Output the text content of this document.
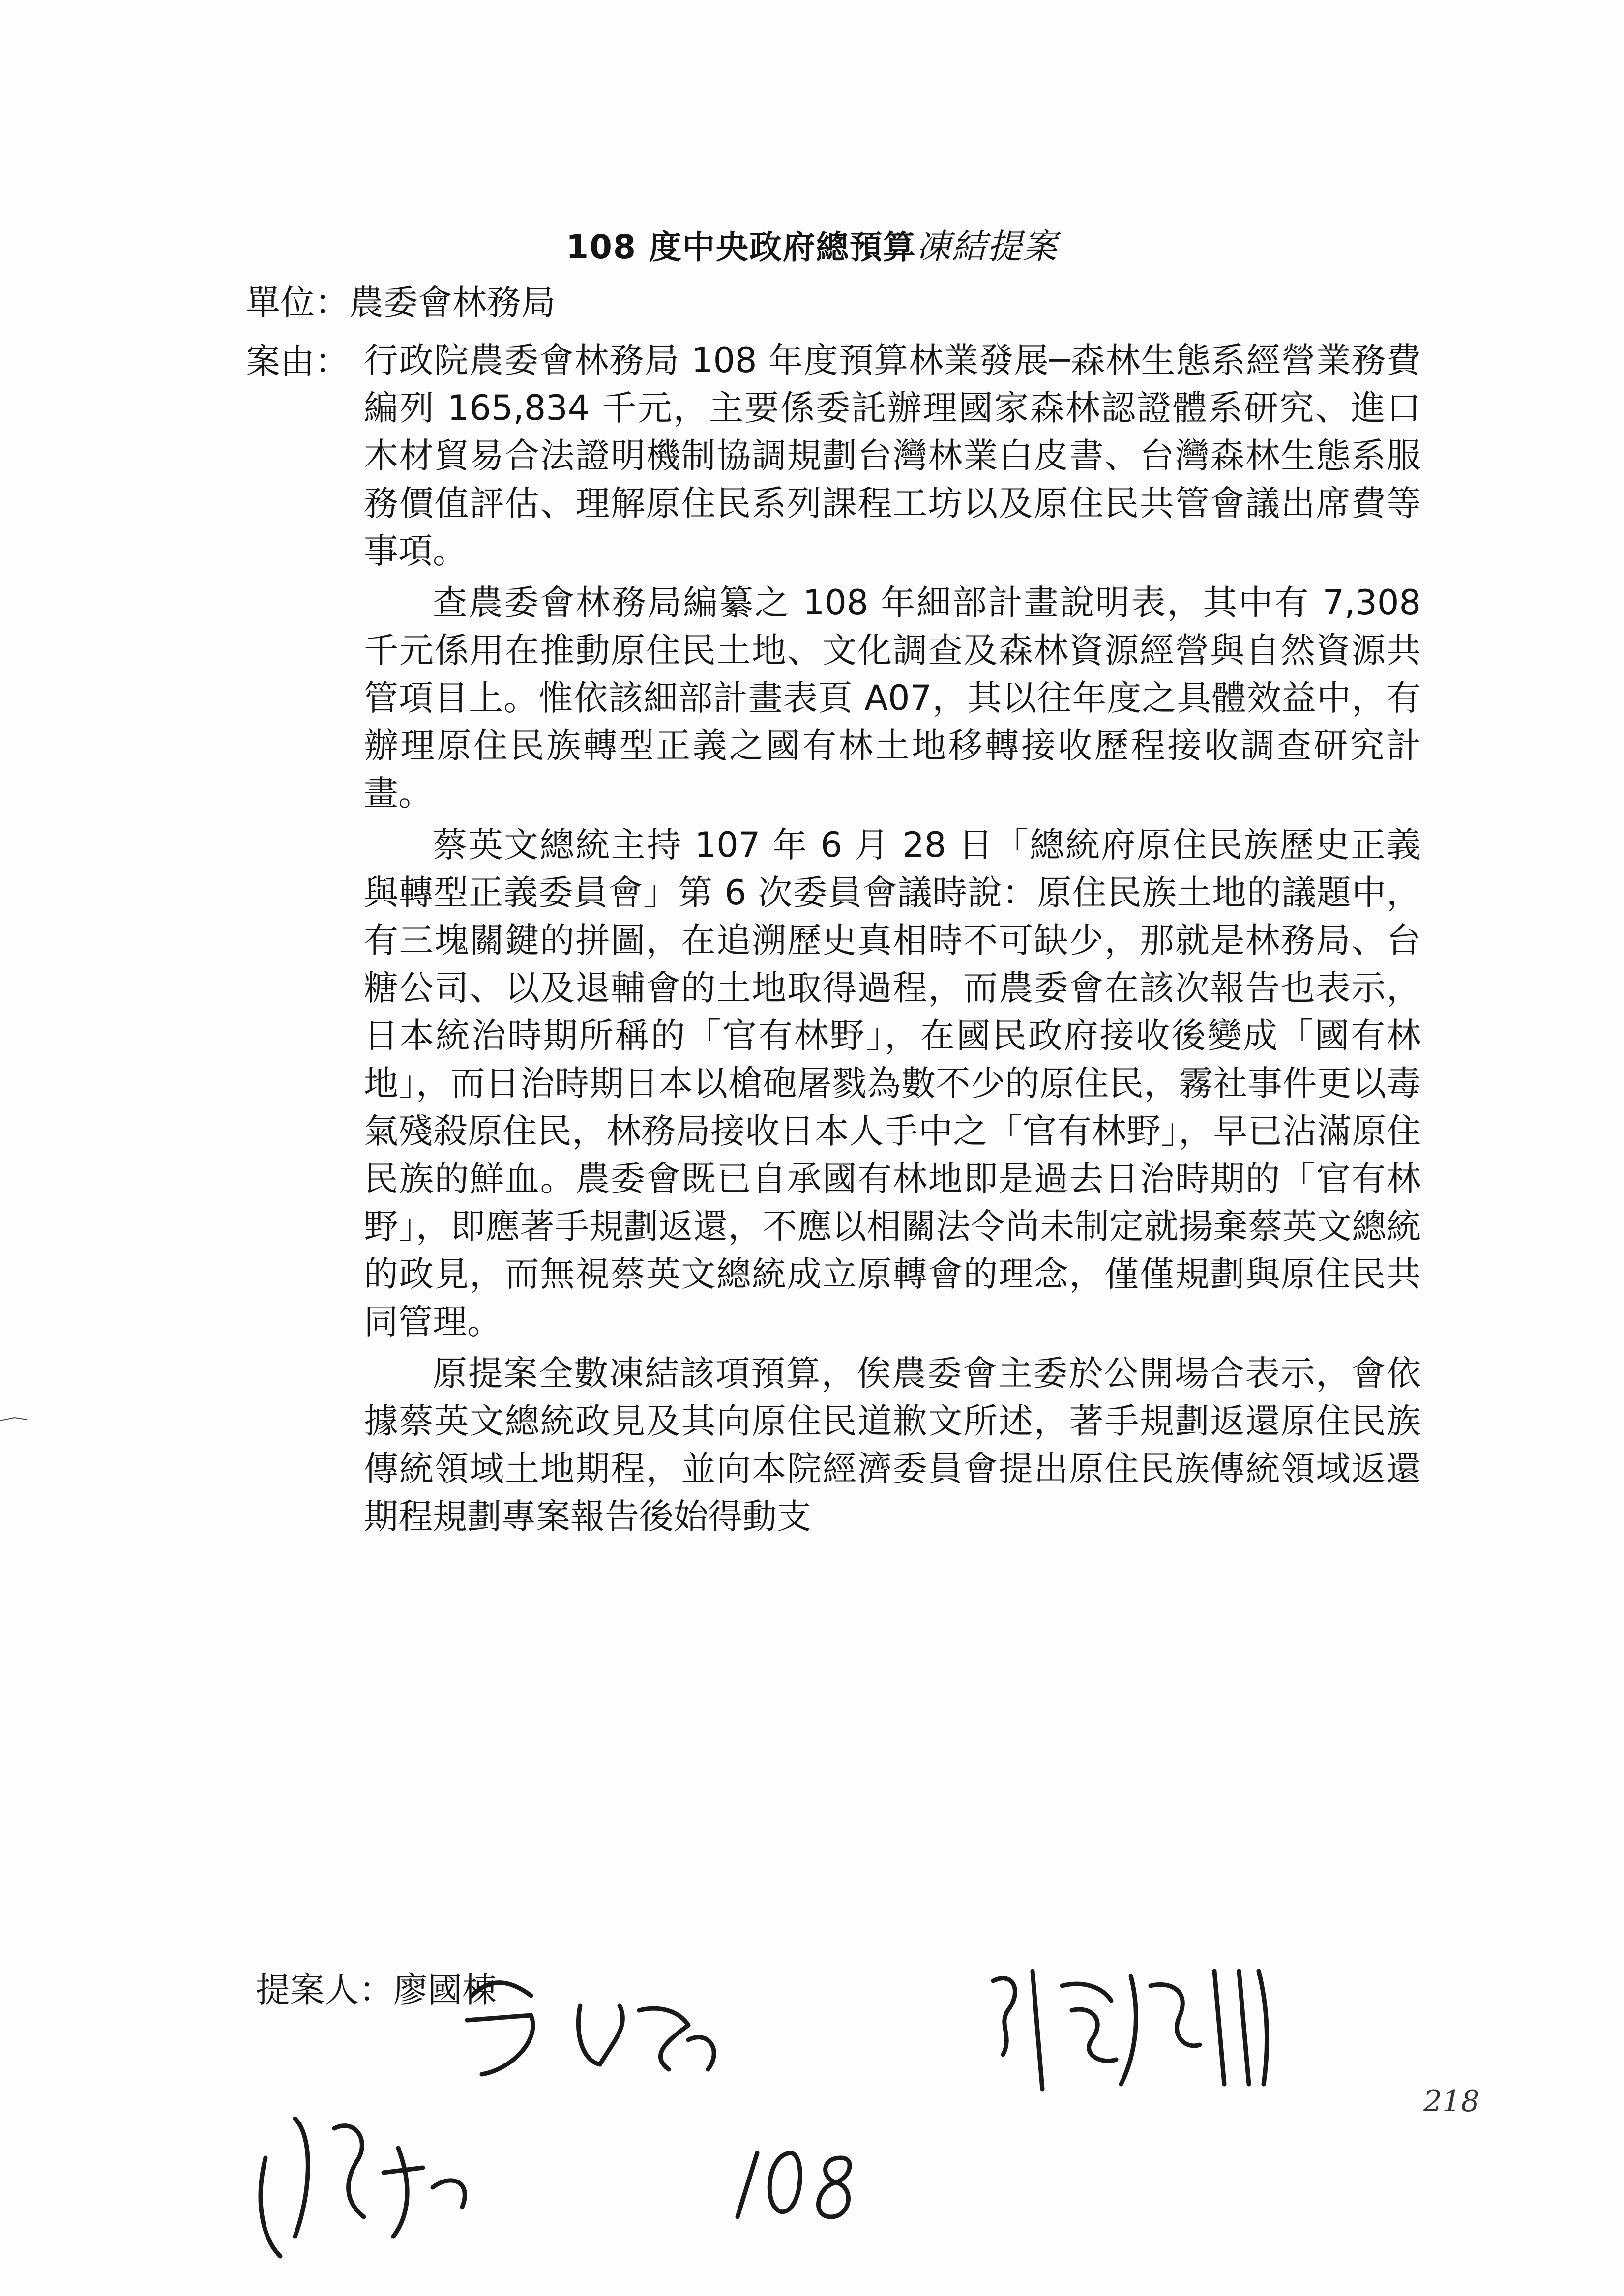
108 度中央政府總預算凍結提案
單位：農委會林務局
案由： 行政院農委會林務局 108 年度預算林業發展─森林生態系經營業務費編列 165,834 千元，主要係委託辦理國家森林認證體系研究、進口木材貿易合法證明機制協調規劃台灣林業白皮書、台灣森林生態系服務價值評估、理解原住民系列課程工坊以及原住民共管會議出席費等事項。

查農委會林務局編纂之 108 年細部計畫說明表，其中有 7,308 千元係用在推動原住民土地、文化調查及森林資源經營與自然資源共管項目上。惟依該細部計畫表頁 A07，其以往年度之具體效益中，有辦理原住民族轉型正義之國有林土地移轉接收歷程接收調查研究計畫。

蔡英文總統主持 107 年 6 月 28 日「總統府原住民族歷史正義與轉型正義委員會」第 6 次委員會議時說：原住民族土地的議題中，有三塊關鍵的拼圖，在追溯歷史真相時不可缺少，那就是林務局、台糖公司、以及退輔會的土地取得過程，而農委會在該次報告也表示，日本統治時期所稱的「官有林野」，在國民政府接收後變成「國有林地」，而日治時期日本以槍砲屠戮為數不少的原住民，霧社事件更以毒氣殘殺原住民，林務局接收日本人手中之「官有林野」，早已沾滿原住民族的鮮血。農委會既已自承國有林地即是過去日治時期的「官有林野」，即應著手規劃返還，不應以相關法令尚未制定就揚棄蔡英文總統的政見，而無視蔡英文總統成立原轉會的理念，僅僅規劃與原住民共同管理。

原提案全數凍結該項預算，俟農委會主委於公開場合表示，會依據蔡英文總統政見及其向原住民道歉文所述，著手規劃返還原住民族傳統領域土地期程，並向本院經濟委員會提出原住民族傳統領域返還期程規劃專案報告後始得動支

提案人：廖國棟
108
218
